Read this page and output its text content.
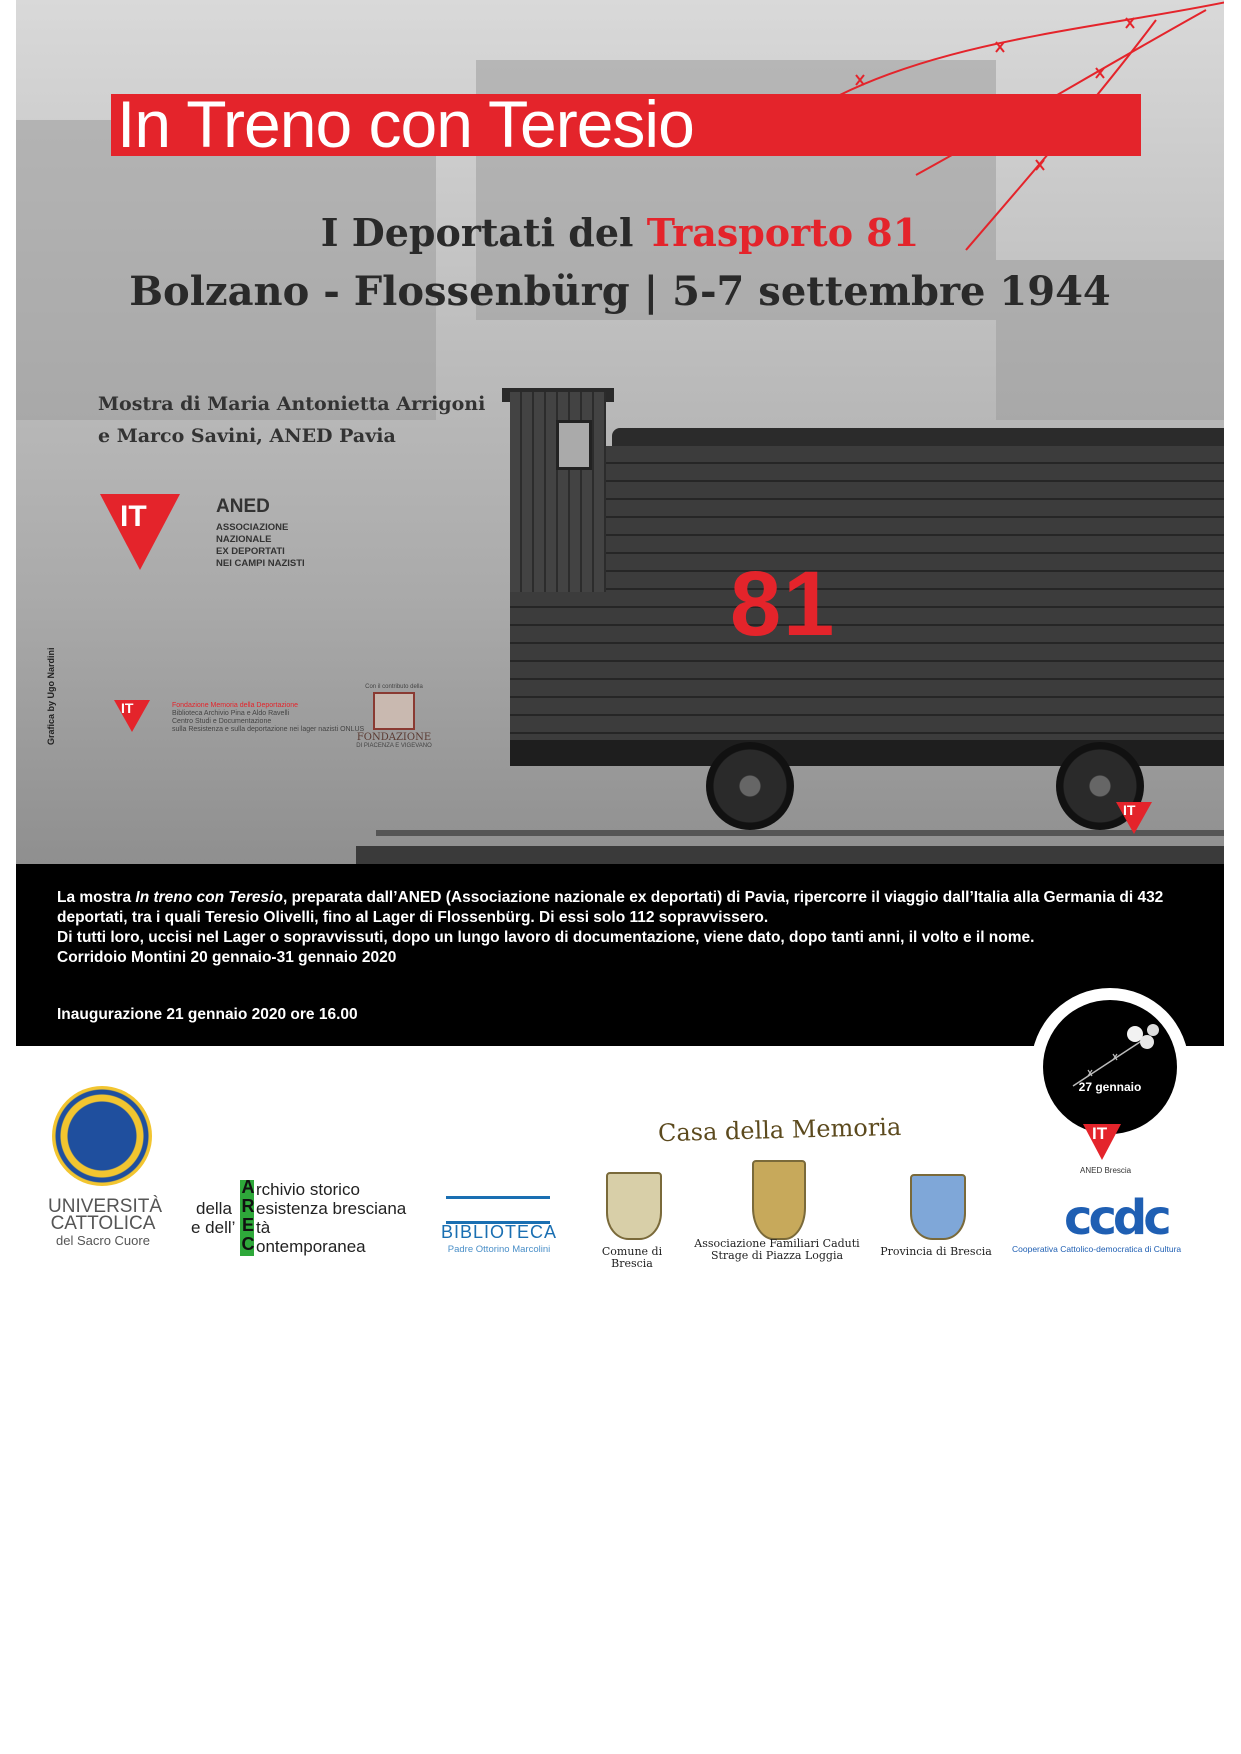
In Treno con Teresio
I Deportati del Trasporto 81
Bolzano - Flossenbürg | 5-7 settembre 1944
Mostra di Maria Antonietta Arrigoni
e Marco Savini, ANED Pavia
IT	ANED
ASSOCIAZIONE
NAZIONALE
EX DEPORTATI
NEI CAMPI NAZISTI
IT	Fondazione Memoria della Deportazione
Biblioteca Archivio Pina e Aldo Ravelli
Centro Studi e Documentazione
sulla Resistenza e sulla deportazione nei lager nazisti ONLUS
Con il contributo della
FONDAZIONE
DI PIACENZA E VIGEVANO
Grafica by Ugo Nardini
81
IT

La mostra In treno con Teresio, preparata dall’ANED (Associazione nazionale ex deportati) di Pavia, ripercorre il viaggio dall’Italia alla Germania di 432 deportati, tra i quali Teresio Olivelli, fino al Lager di Flossenbürg. Di essi solo 112 sopravvissero.

Di tutti loro, uccisi nel Lager o sopravvissuti, dopo un lungo lavoro di documentazione, viene dato, dopo tanti anni, il volto e il nome.

Corridoio Montini 20 gennaio-31 gennaio 2020

Inaugurazione 21 gennaio 2020 ore 16.00
27 gennaio
UNIVERSITÀ
CATTOLICA
del Sacro Cuore
A
R
E
C
rchivio storico
della esistenza bresciana
e dell’ tà
ontemporanea
BIBLIOTECA
Padre Ottorino Marcolini
Casa della Memoria
Comune di Brescia
Associazione Familiari Caduti
Strage di Piazza Loggia	Provincia di Brescia
IT
ANED Brescia
ccdc
Cooperativa Cattolico-democratica di Cultura
